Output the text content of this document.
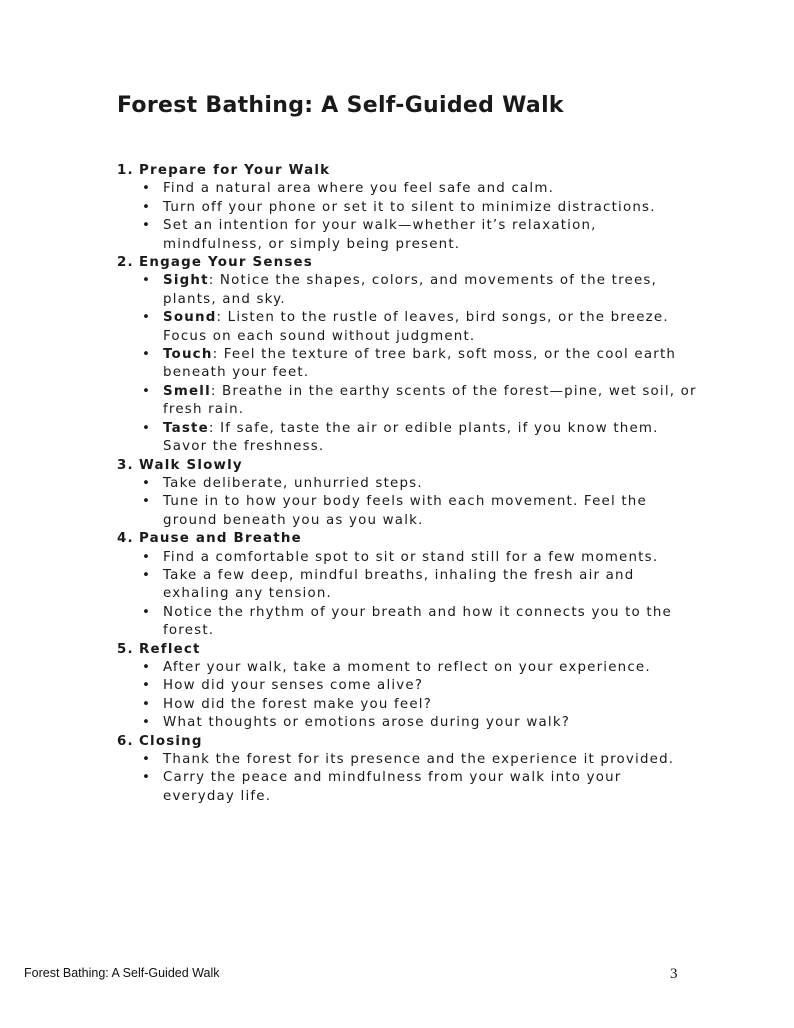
Forest Bathing: A Self-Guided Walk
1. Prepare for Your Walk
• Find a natural area where you feel safe and calm.
• Turn off your phone or set it to silent to minimize distractions.
• Set an intention for your walk—whether it’s relaxation, mindfulness, or simply being present.
2. Engage Your Senses
• Sight: Notice the shapes, colors, and movements of the trees, plants, and sky.
• Sound: Listen to the rustle of leaves, bird songs, or the breeze. Focus on each sound without judgment.
• Touch: Feel the texture of tree bark, soft moss, or the cool earth beneath your feet.
• Smell: Breathe in the earthy scents of the forest—pine, wet soil, or fresh rain.
• Taste: If safe, taste the air or edible plants, if you know them. Savor the freshness.
3. Walk Slowly
• Take deliberate, unhurried steps.
• Tune in to how your body feels with each movement. Feel the ground beneath you as you walk.
4. Pause and Breathe
• Find a comfortable spot to sit or stand still for a few moments.
• Take a few deep, mindful breaths, inhaling the fresh air and exhaling any tension.
• Notice the rhythm of your breath and how it connects you to the forest.
5. Reflect
• After your walk, take a moment to reflect on your experience.
• How did your senses come alive?
• How did the forest make you feel?
• What thoughts or emotions arose during your walk?
6. Closing
• Thank the forest for its presence and the experience it provided.
• Carry the peace and mindfulness from your walk into your everyday life.
Forest Bathing: A Self-Guided Walk	3
